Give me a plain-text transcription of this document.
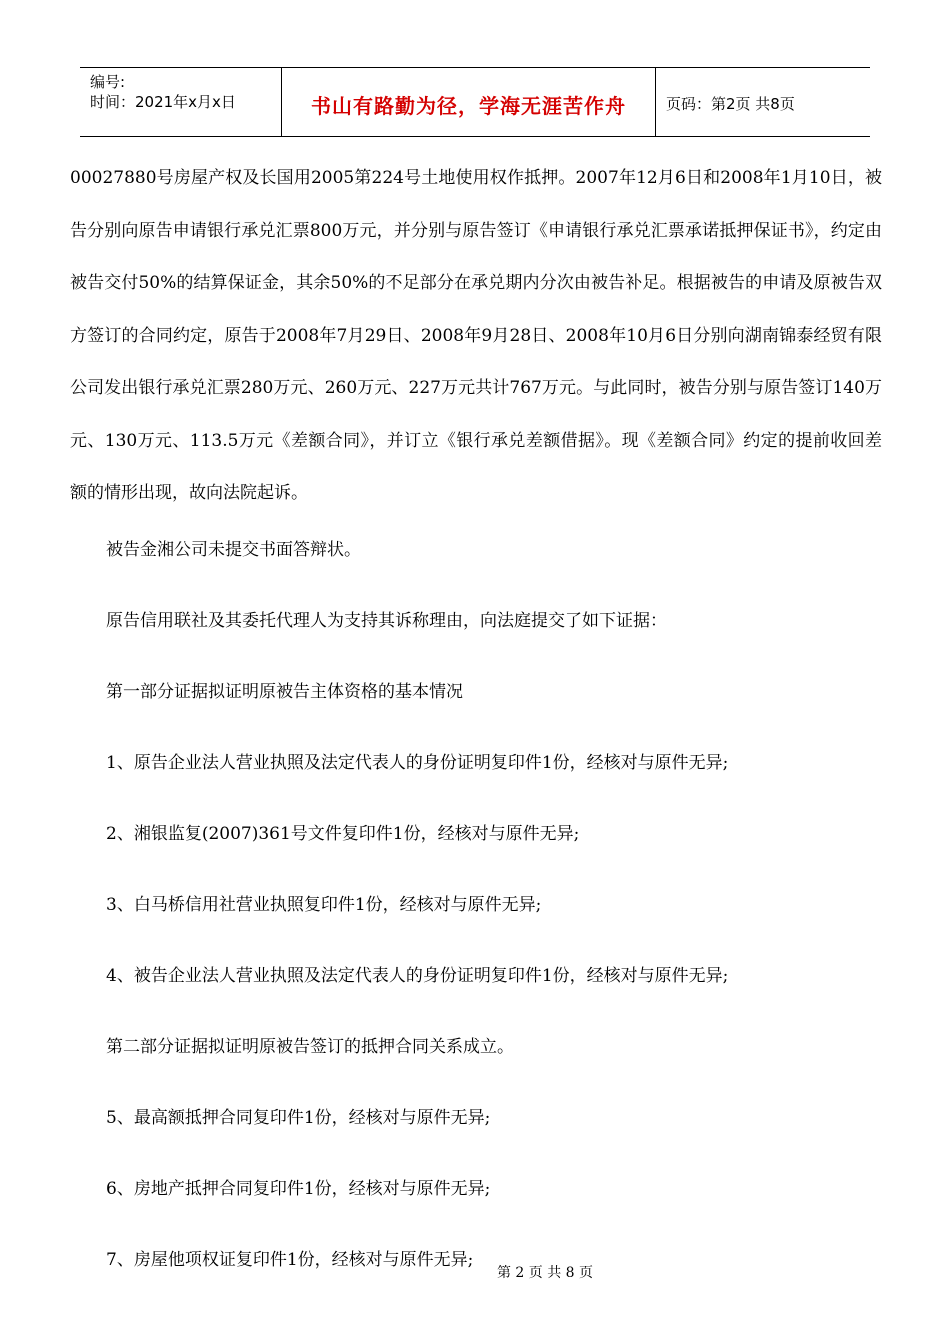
编号:
时间：2021年x月x日	书山有路勤为径，学海无涯苦作舟	页码：第2页 共8页

00027880号房屋产权及长国用2005第224号土地使用权作抵押。2007年12月6日和2008年1月10日，被告分别向原告申请银行承兑汇票800万元，并分别与原告签订《申请银行承兑汇票承诺抵押保证书》，约定由被告交付50%的结算保证金，其余50%的不足部分在承兑期内分次由被告补足。根据被告的申请及原被告双方签订的合同约定，原告于2008年7月29日、2008年9月28日、2008年10月6日分别向湖南锦泰经贸有限公司发出银行承兑汇票280万元、260万元、227万元共计767万元。与此同时，被告分别与原告签订140万元、130万元、113.5万元《差额合同》，并订立《银行承兑差额借据》。现《差额合同》约定的提前收回差额的情形出现，故向法院起诉。

被告金湘公司未提交书面答辩状。

原告信用联社及其委托代理人为支持其诉称理由，向法庭提交了如下证据：

第一部分证据拟证明原被告主体资格的基本情况

1、原告企业法人营业执照及法定代表人的身份证明复印件1份，经核对与原件无异;

2、湘银监复(2007)361号文件复印件1份，经核对与原件无异;

3、白马桥信用社营业执照复印件1份，经核对与原件无异;

4、被告企业法人营业执照及法定代表人的身份证明复印件1份，经核对与原件无异;

第二部分证据拟证明原被告签订的抵押合同关系成立。

5、最高额抵押合同复印件1份，经核对与原件无异;

6、房地产抵押合同复印件1份，经核对与原件无异;

7、房屋他项权证复印件1份，经核对与原件无异;

第 2 页 共 8 页
